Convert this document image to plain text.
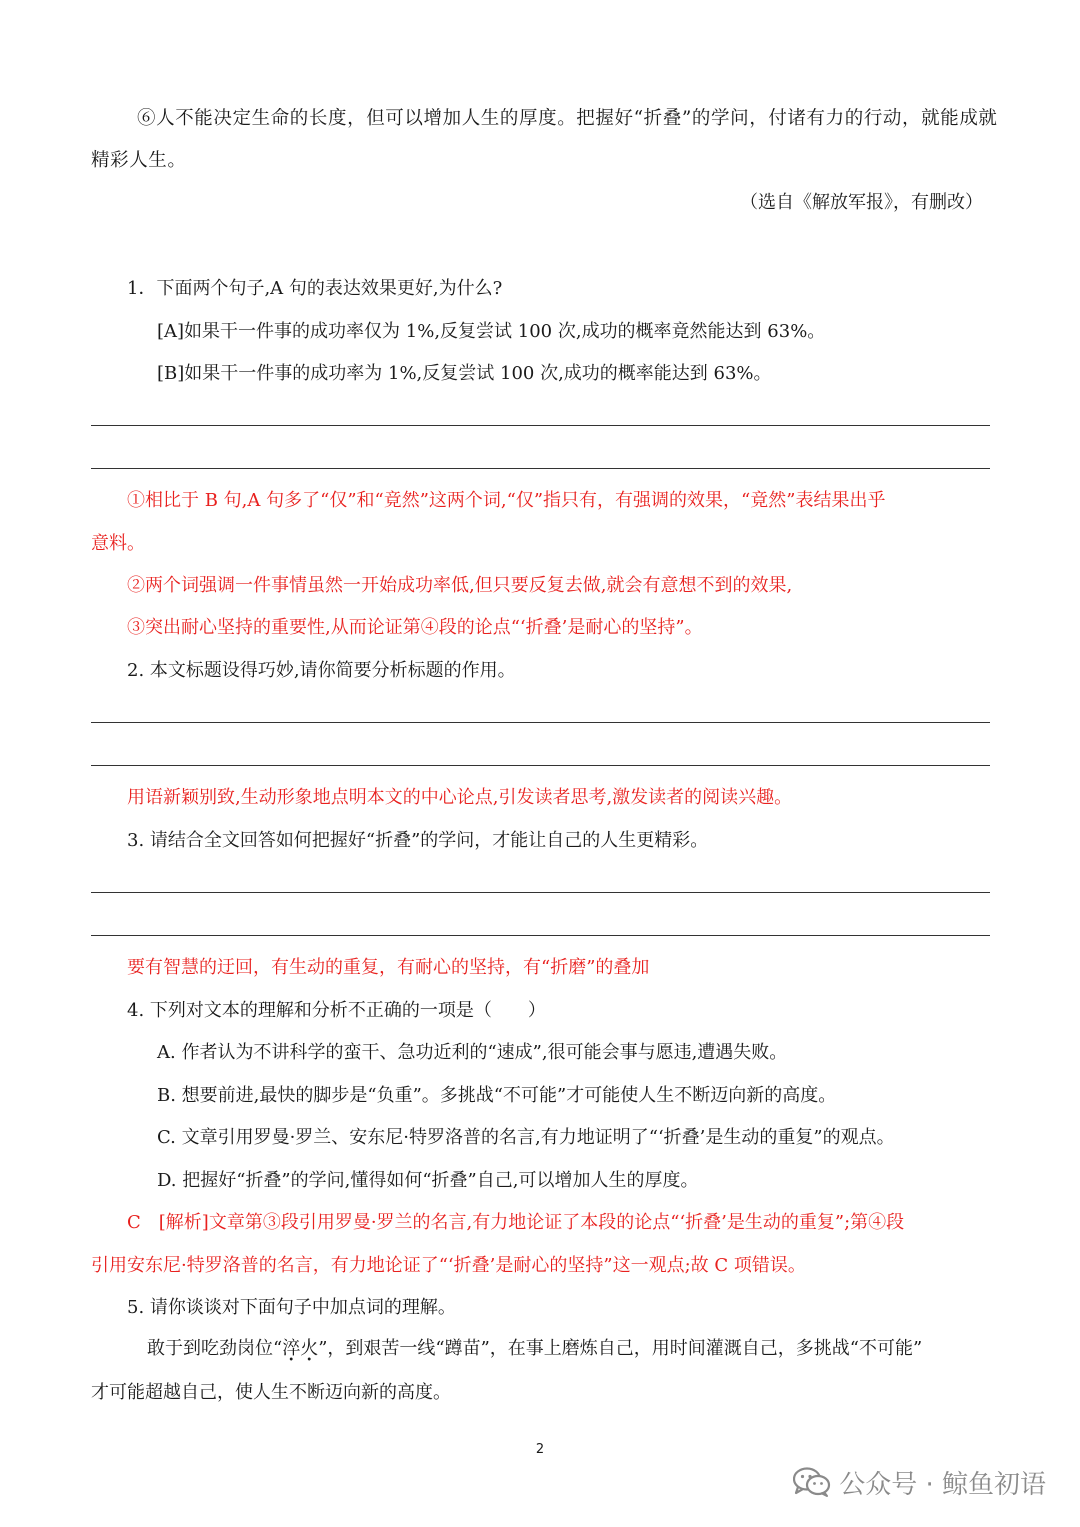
⑥人不能决定生命的长度，但可以增加人生的厚度。把握好“折叠”的学问，付诸有力的行动，就能成就
精彩人生。
（选自《解放军报》，有删改）
1．下面两个句子,A 句的表达效果更好,为什么?
[A]如果干一件事的成功率仅为 1%,反复尝试 100 次,成功的概率竟然能达到 63%。
[B]如果干一件事的成功率为 1%,反复尝试 100 次,成功的概率能达到 63%。
①相比于 B 句,A 句多了“仅”和“竟然”这两个词,“仅”指只有，有强调的效果，“竟然”表结果出乎
意料。
②两个词强调一件事情虽然一开始成功率低,但只要反复去做,就会有意想不到的效果,
③突出耐心坚持的重要性,从而论证第④段的论点“‘折叠’是耐心的坚持”。
2. 本文标题设得巧妙,请你简要分析标题的作用。
用语新颖别致,生动形象地点明本文的中心论点,引发读者思考,激发读者的阅读兴趣。
3. 请结合全文回答如何把握好“折叠”的学问，才能让自己的人生更精彩。
要有智慧的迂回，有生动的重复，有耐心的坚持，有“折磨”的叠加
4. 下列对文本的理解和分析不正确的一项是（　　）
A. 作者认为不讲科学的蛮干、急功近利的“速成”,很可能会事与愿违,遭遇失败。
B. 想要前进,最快的脚步是“负重”。多挑战“不可能”才可能使人生不断迈向新的高度。
C. 文章引用罗曼·罗兰、安东尼·特罗洛普的名言,有力地证明了“‘折叠’是生动的重复”的观点。
D. 把握好“折叠”的学问,懂得如何“折叠”自己,可以增加人生的厚度。
C　[解析]文章第③段引用罗曼·罗兰的名言,有力地论证了本段的论点“‘折叠’是生动的重复”;第④段
引用安东尼·特罗洛普的名言，有力地论证了“‘折叠’是耐心的坚持”这一观点;故 C 项错误。
5. 请你谈谈对下面句子中加点词的理解。
敢于到吃劲岗位“淬火”，到艰苦一线“蹲苗”，在事上磨炼自己，用时间灌溉自己，多挑战“不可能”
才可能超越自己，使人生不断迈向新的高度。
2
公众号 · 鲸鱼初语
